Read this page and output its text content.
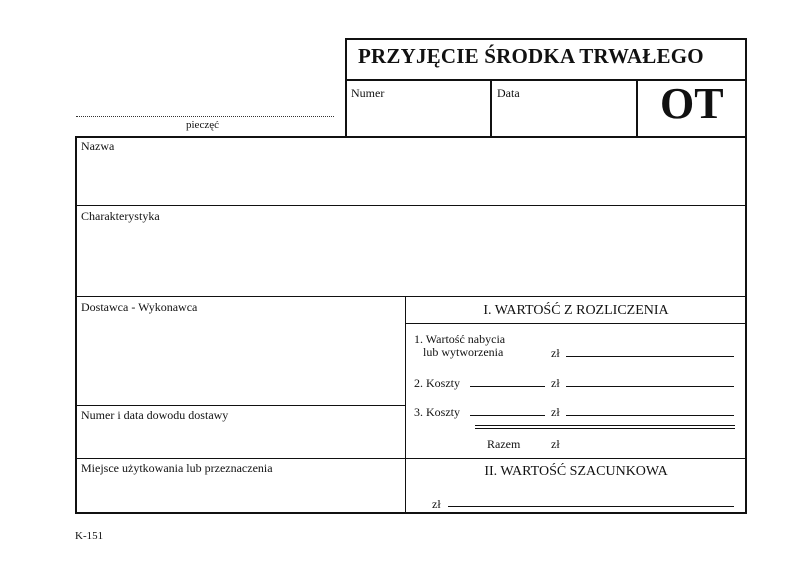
pieczęć
PRZYJĘCIE ŚRODKA TRWAŁEGO
Numer	Data	OT
Nazwa
Charakterystyka
Dostawca - Wykonawca
Numer i data dowodu dostawy
Miejsce użytkowania lub przeznaczenia
I. WARTOŚĆ Z ROZLICZENIA
1. Wartość nabycia
lub wytworzenia	zł
2. Koszty	zł
3. Koszty	zł
Razem	zł
II. WARTOŚĆ SZACUNKOWA
zł
K-151
